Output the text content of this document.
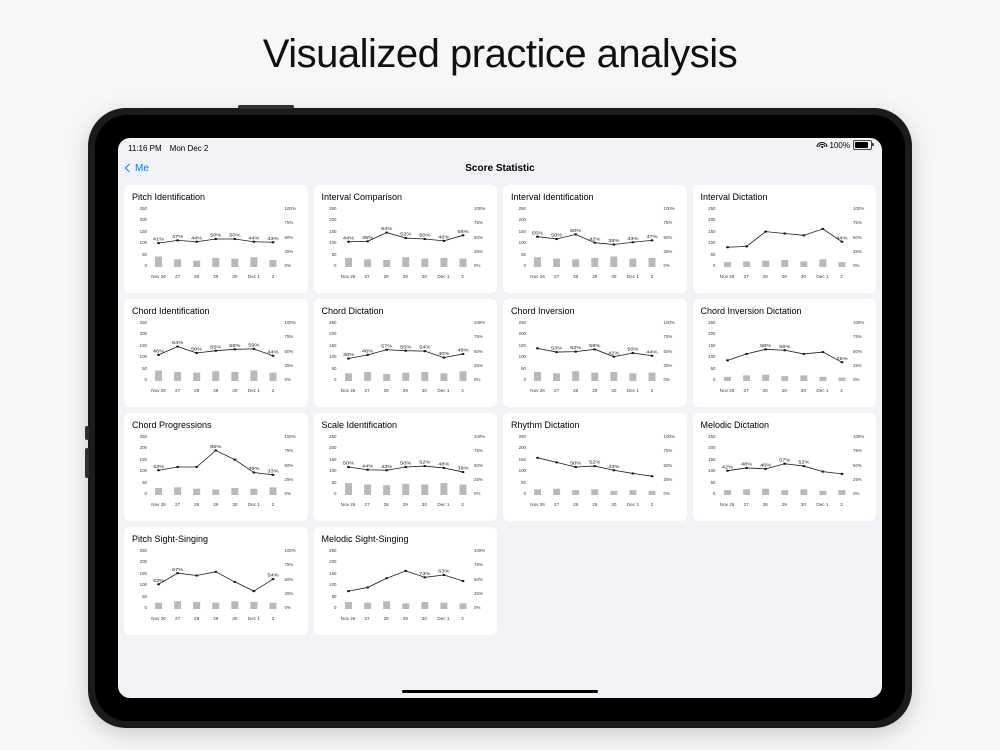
Visualized practice analysis
11:16 PM Mon Dec 2	100%
Me	Score Statistic
Pitch Identification
250
200
150
100
50
0
100%
75%
50%
25%
0%
41%
47% 44%
50% 50%
44% 43%
Nov 26	27	28	29	30	Dec 1	2
Interval Comparison
250
200
150
100
50
0
100%
75%
50%
25%
0%
44% 45%
64%
52% 50% 46%
58%
Nov 26	27	28	29	30	Dec 1	2
Interval Identification
250
200
150
100
50
0
100%
75%
50%
25%
0%
55%
50%
60%
42% 38%
43% 47%
Nov 26	27	28	29	30	Dec 1	2
Interval Dictation
250
200
150
100
50
0
100%
75%
50%
25%
0%
44%
Nov 26	27	28	29	30	Dec 1	2
Chord Identification
250
200
150
100
50
0
100%
75%
50%
25%
0%
46%
64%
50%
55% 58% 59%
44%
Nov 26	27	28	29	30	Dec 1	2
Chord Dictation
250
200
150
100
50
0
100%
75%
50%
25%
0%
38%
46%
57% 55% 54%
40%
48%
Nov 26	27	28	29	30	Dec 1	2
Chord Inversion
250
200
150
100
50
0
100%
75%
50%
25%
0%
53% 53%
58%
42%
50%
44%
Nov 26	27	28	29	30	Dec 1	2
Chord Inversion Dictation
250
200
150
100
50
0
100%
75%
50%
25%
0%
58% 56%
25%
Nov 26	27	28	29	30	Dec 1	2
Chord Progressions
250
200
150
100
50
0
100%
75%
50%
25%
0%
43%
86%
39%
33%
Nov 26	27	28	29	30	Dec 1	2
Scale Identification
250
200
150
100
50
0
100%
75%
50%
25%
0%
50%
44% 43%
50% 52% 48%
39%
Nov 26	27	28	29	30	Dec 1	2
Rhythm Dictation
250
200
150
100
50
0
100%
75%
50%
25%
0%
50% 52%
43%
Nov 26	27	28	29	30	Dec 1	2
Melodic Dictation
250
200
150
100
50
0
100%
75%
50%
25%
0%
42%
48% 46%
57%
52%
Nov 26	27	28	29	30	Dec 1	2
Pitch Sight-Singing
250
200
150
100
50
0
100%
75%
50%
25%
0%
43%
67%
54%
Nov 26	27	28	29	30	Dec 1	2
Melodic Sight-Singing
250
200
150
100
50
0
100%
75%
50%
25%
0%
73%
63%
Nov 26	27	28	29	30	Dec 1	2
